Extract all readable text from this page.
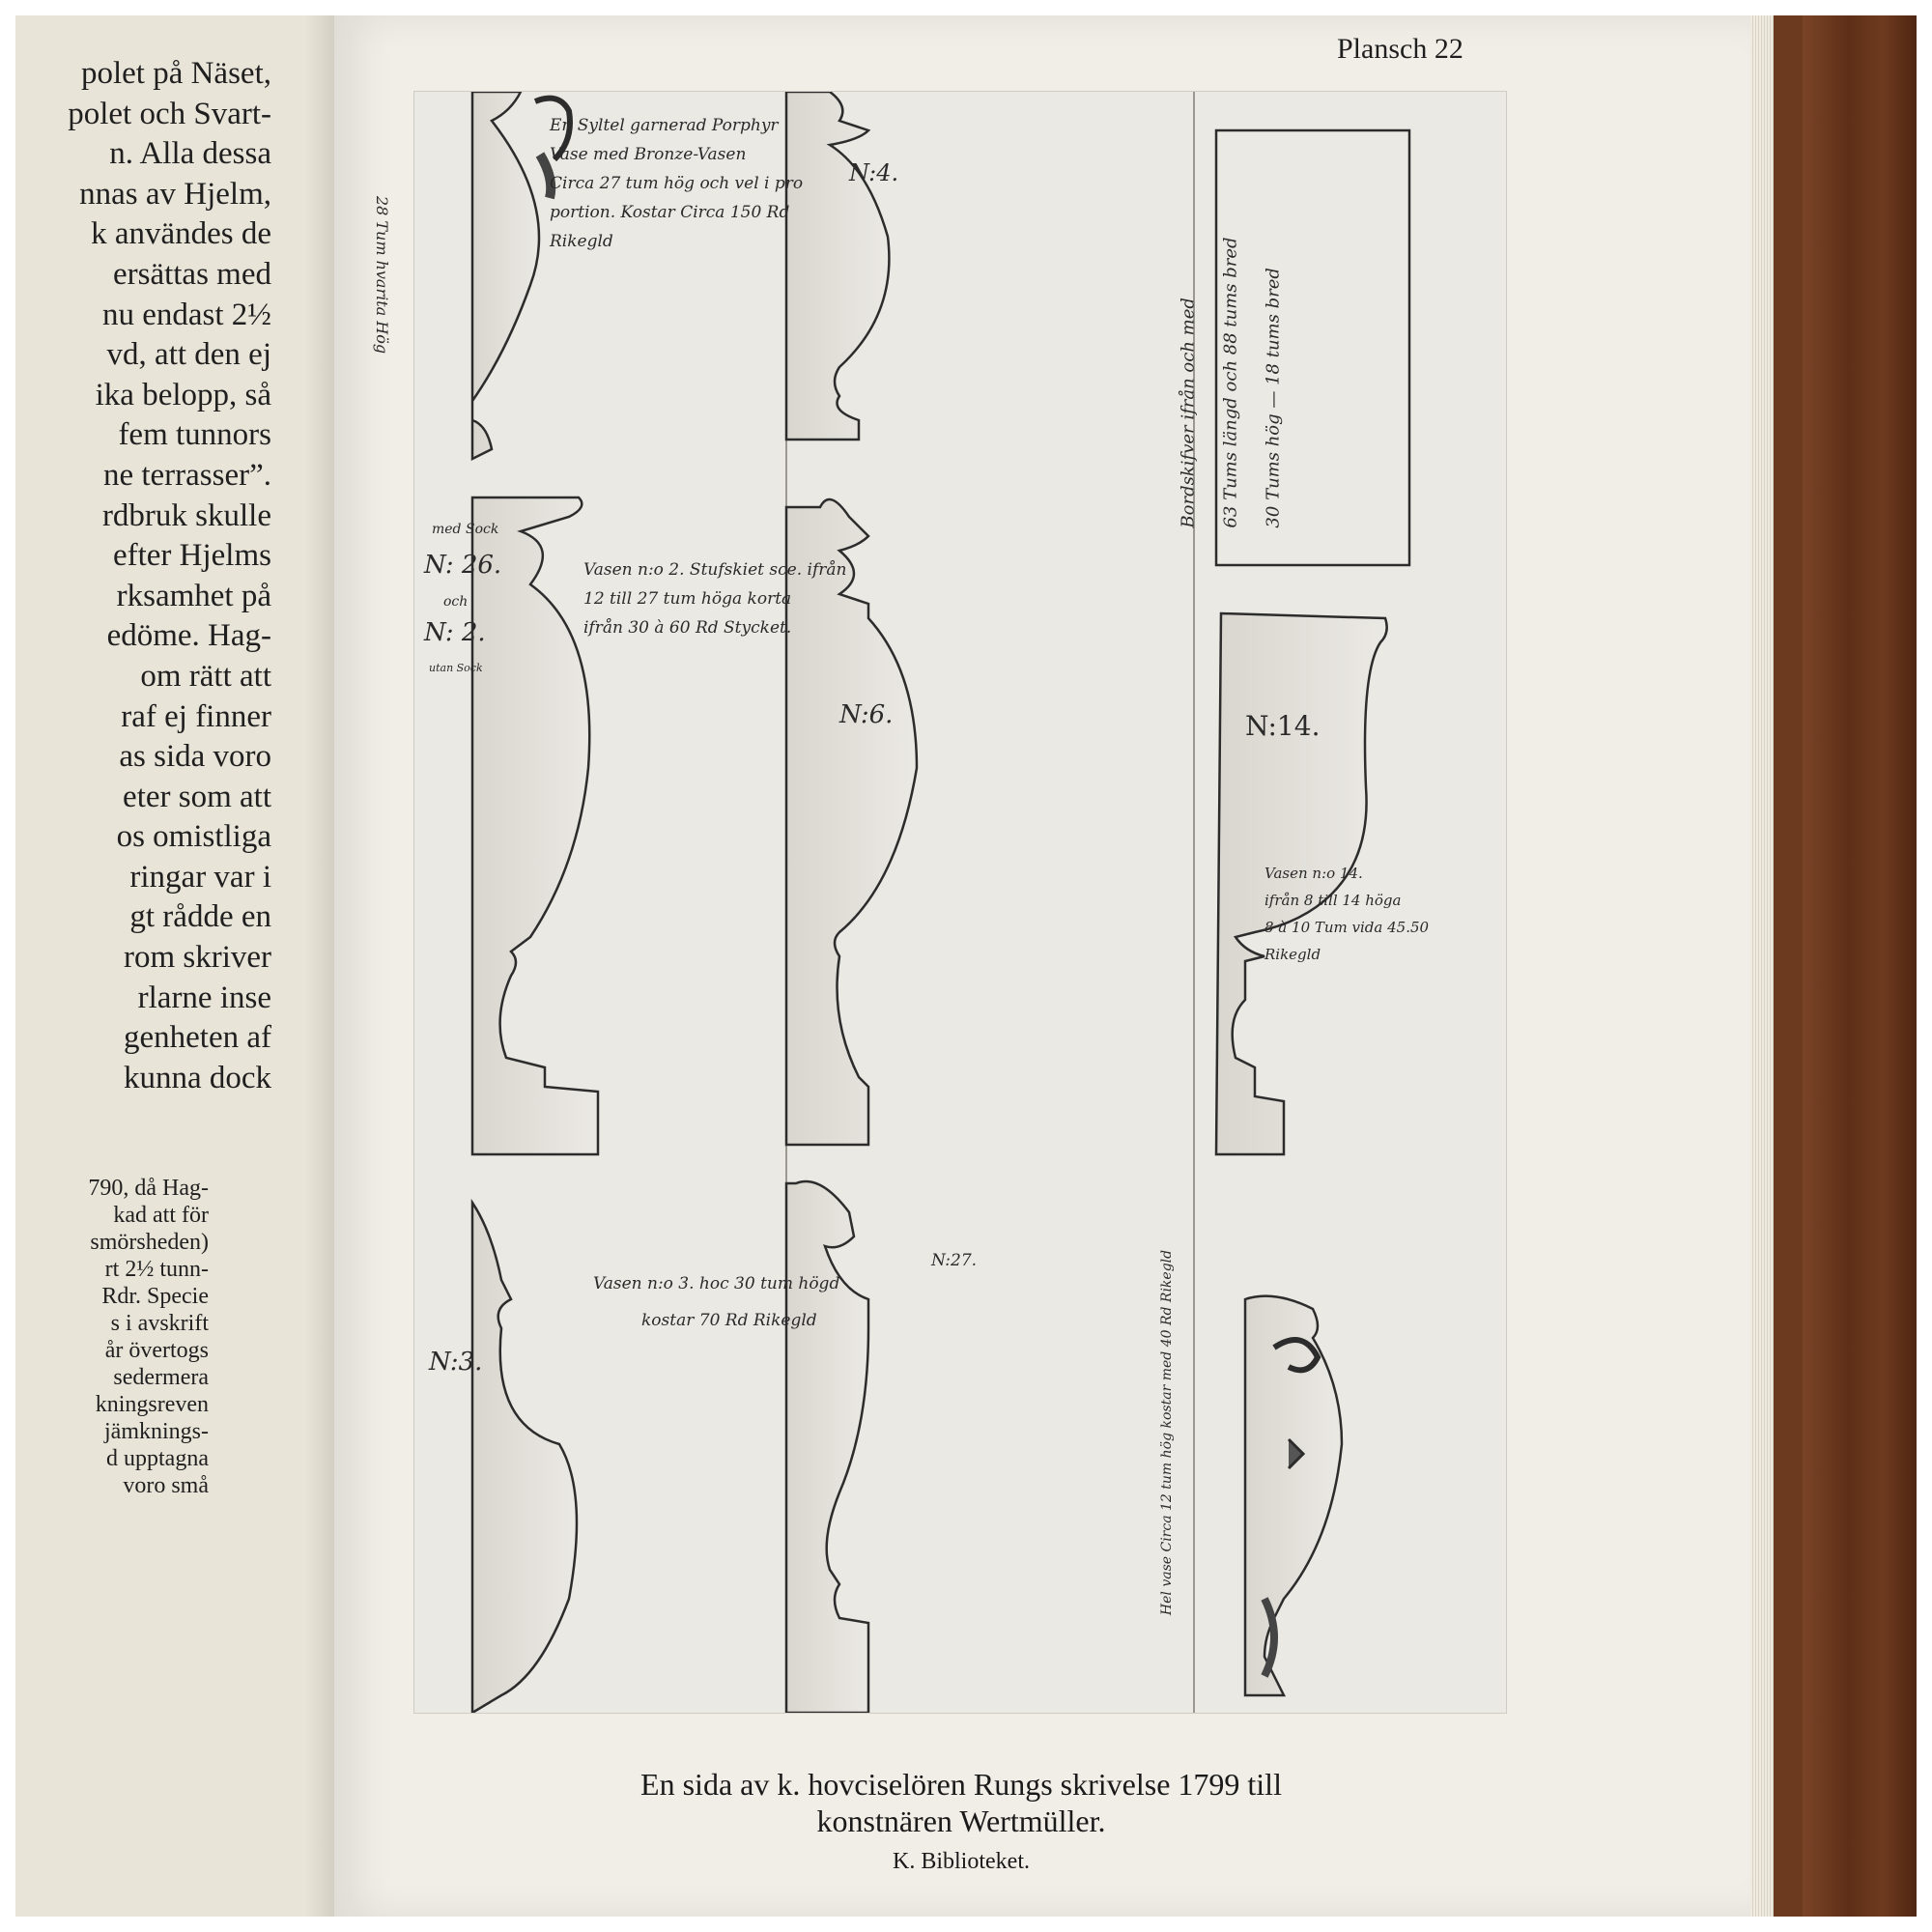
polet på Näset,
polet och Svart-
n. Alla dessa
nnas av Hjelm,
k användes de
ersättas med
nu endast 2½
vd, att den ej
ika belopp, så
fem tunnors
ne terrasser”.
rdbruk skulle
efter Hjelms
rksamhet på
edöme. Hag-
om rätt att
raf ej finner
as sida voro
eter som att
os omistliga
ringar var i
gt rådde en
rom skriver
rlarne inse
genheten af
kunna dock
790, då Hag-
kad att för
smörsheden)
rt 2½ tunn-
Rdr. Specie
s i avskrift
år övertogs
sedermera
kningsreven
jämknings-
d upptagna
voro små
Plansch 22
En Syltel garnerad Porphyr
Vase med Bronze-Vasen
Circa 27 tum hög och vel i pro
portion. Kostar Circa 150 Rd
Rikegld
28 Tum hvarita Hög
N:4.
Bordskifver ifrån och med	63 Tums längd och 88 tums bred	30 Tums hög — 18 tums bred
med Sock
N: 26.
och
N: 2.
utan Sock
Vasen n:o 2. Stufskiet sce. ifrån
12 till 27 tum höga korta
ifrån 30 à 60 Rd Stycket.
N:6.	N:14.
Vasen n:o 14.
ifrån 8 till 14 höga
8 à 10 Tum vida 45.50
Rikegld
N:27.
Vasen n:o 3. hoc 30 tum högd
kostar 70 Rd Rikegld
N:3.	Hel vase Circa 12 tum hög kostar med 40 Rd Rikegld
En sida av k. hovciselören Rungs skrivelse 1799 till
konstnären Wertmüller.
K. Biblioteket.
